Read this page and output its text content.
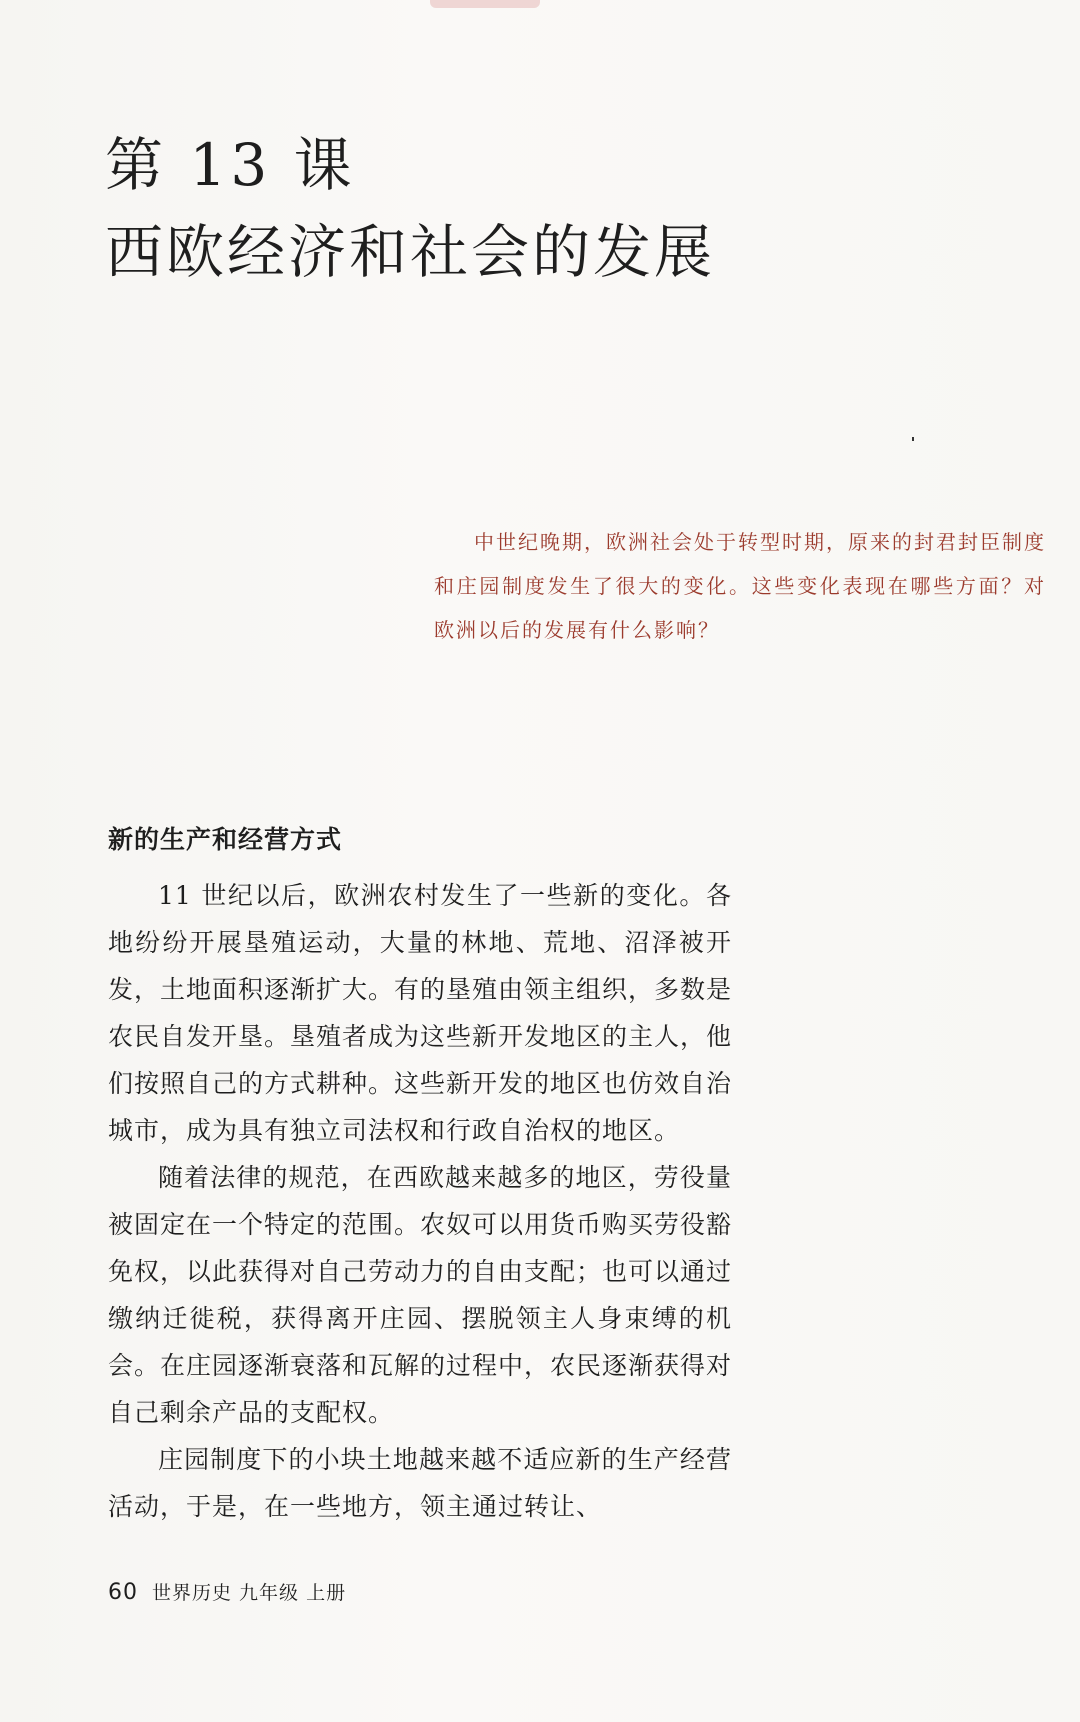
第 13 课
西欧经济和社会的发展
中世纪晚期，欧洲社会处于转型时期，原来的封君封臣制度和庄园制度发生了很大的变化。这些变化表现在哪些方面？对欧洲以后的发展有什么影响？
新的生产和经营方式

11 世纪以后，欧洲农村发生了一些新的变化。各地纷纷开展垦殖运动，大量的林地、荒地、沼泽被开发，土地面积逐渐扩大。有的垦殖由领主组织，多数是农民自发开垦。垦殖者成为这些新开发地区的主人，他们按照自己的方式耕种。这些新开发的地区也仿效自治城市，成为具有独立司法权和行政自治权的地区。

随着法律的规范，在西欧越来越多的地区，劳役量被固定在一个特定的范围。农奴可以用货币购买劳役豁免权，以此获得对自己劳动力的自由支配；也可以通过缴纳迁徙税，获得离开庄园、摆脱领主人身束缚的机会。在庄园逐渐衰落和瓦解的过程中，农民逐渐获得对自己剩余产品的支配权。

庄园制度下的小块土地越来越不适应新的生产经营活动，于是，在一些地方，领主通过转让、

60 世界历史 九年级 上册
